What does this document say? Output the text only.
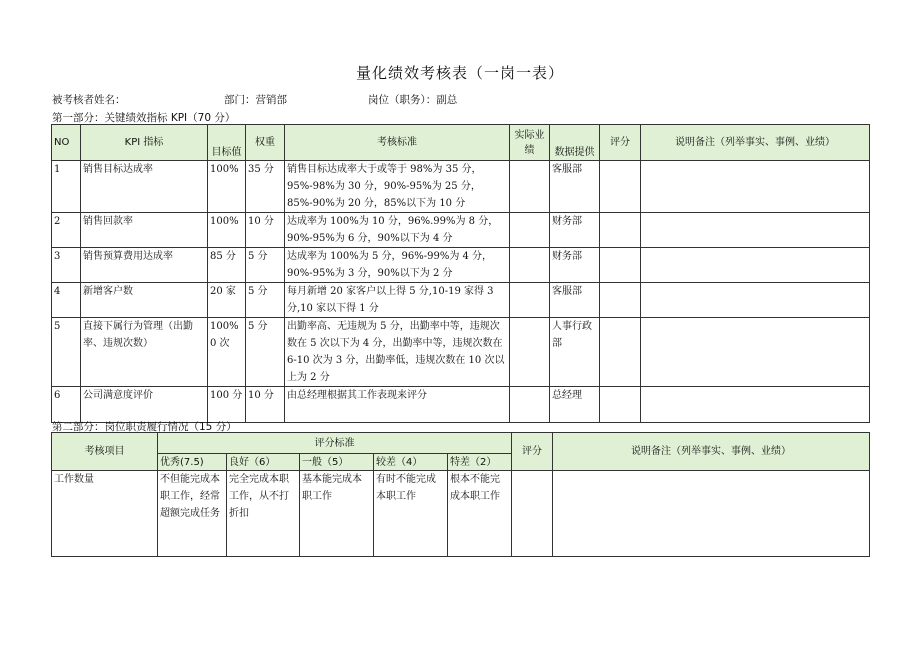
量化绩效考核表（一岗一表）
被考核者姓名：	部门：营销部	岗位（职务）：副总
第一部分：关键绩效指标 KPI（70 分）
NO	KPI 指标	目标值	权重	考核标准	实际业绩	数据提供	评分	说明备注（列举事实、事例、业绩）
1	销售目标达成率	100%	35 分	销售目标达成率大于或等于 98%为 35 分，95%-98%为 30 分，90%-95%为 25 分，85%-90%为 20 分，85%以下为 10 分		客服部		
2	销售回款率	100%	10 分	达成率为 100%为 10 分，96%.99%为 8 分，90%-95%为 6 分，90%以下为 4 分		财务部		
3	销售预算费用达成率	85 分	5 分	达成率为 100%为 5 分，96%-99%为 4 分，90%-95%为 3 分，90%以下为 2 分		财务部		
4	新增客户数	20 家	5 分	每月新增 20 家客户以上得 5 分,10-19 家得 3 分,10 家以下得 1 分		客服部		
5	直接下属行为管理（出勤率、违规次数）	100% 0 次	5 分	出勤率高、无违规为 5 分，出勤率中等，违规次数在 5 次以下为 4 分，出勤率中等，违规次数在 6-10 次为 3 分，出勤率低，违规次数在 10 次以上为 2 分		人事行政部		
6	公司满意度评价	100 分	10 分	由总经理根据其工作表现来评分		总经理		
第二部分：岗位职责履行情况（15 分）
考核项目	评分标准					评分	说明备注（列举事实、事例、业绩）
	优秀(7.5)	良好（6）	一般（5）	较差（4）	特差（2）		
工作数量	不但能完成本职工作，经常超额完成任务	完全完成本职工作，从不打折扣	基本能完成本职工作	有时不能完成本职工作	根本不能完成本职工作		
